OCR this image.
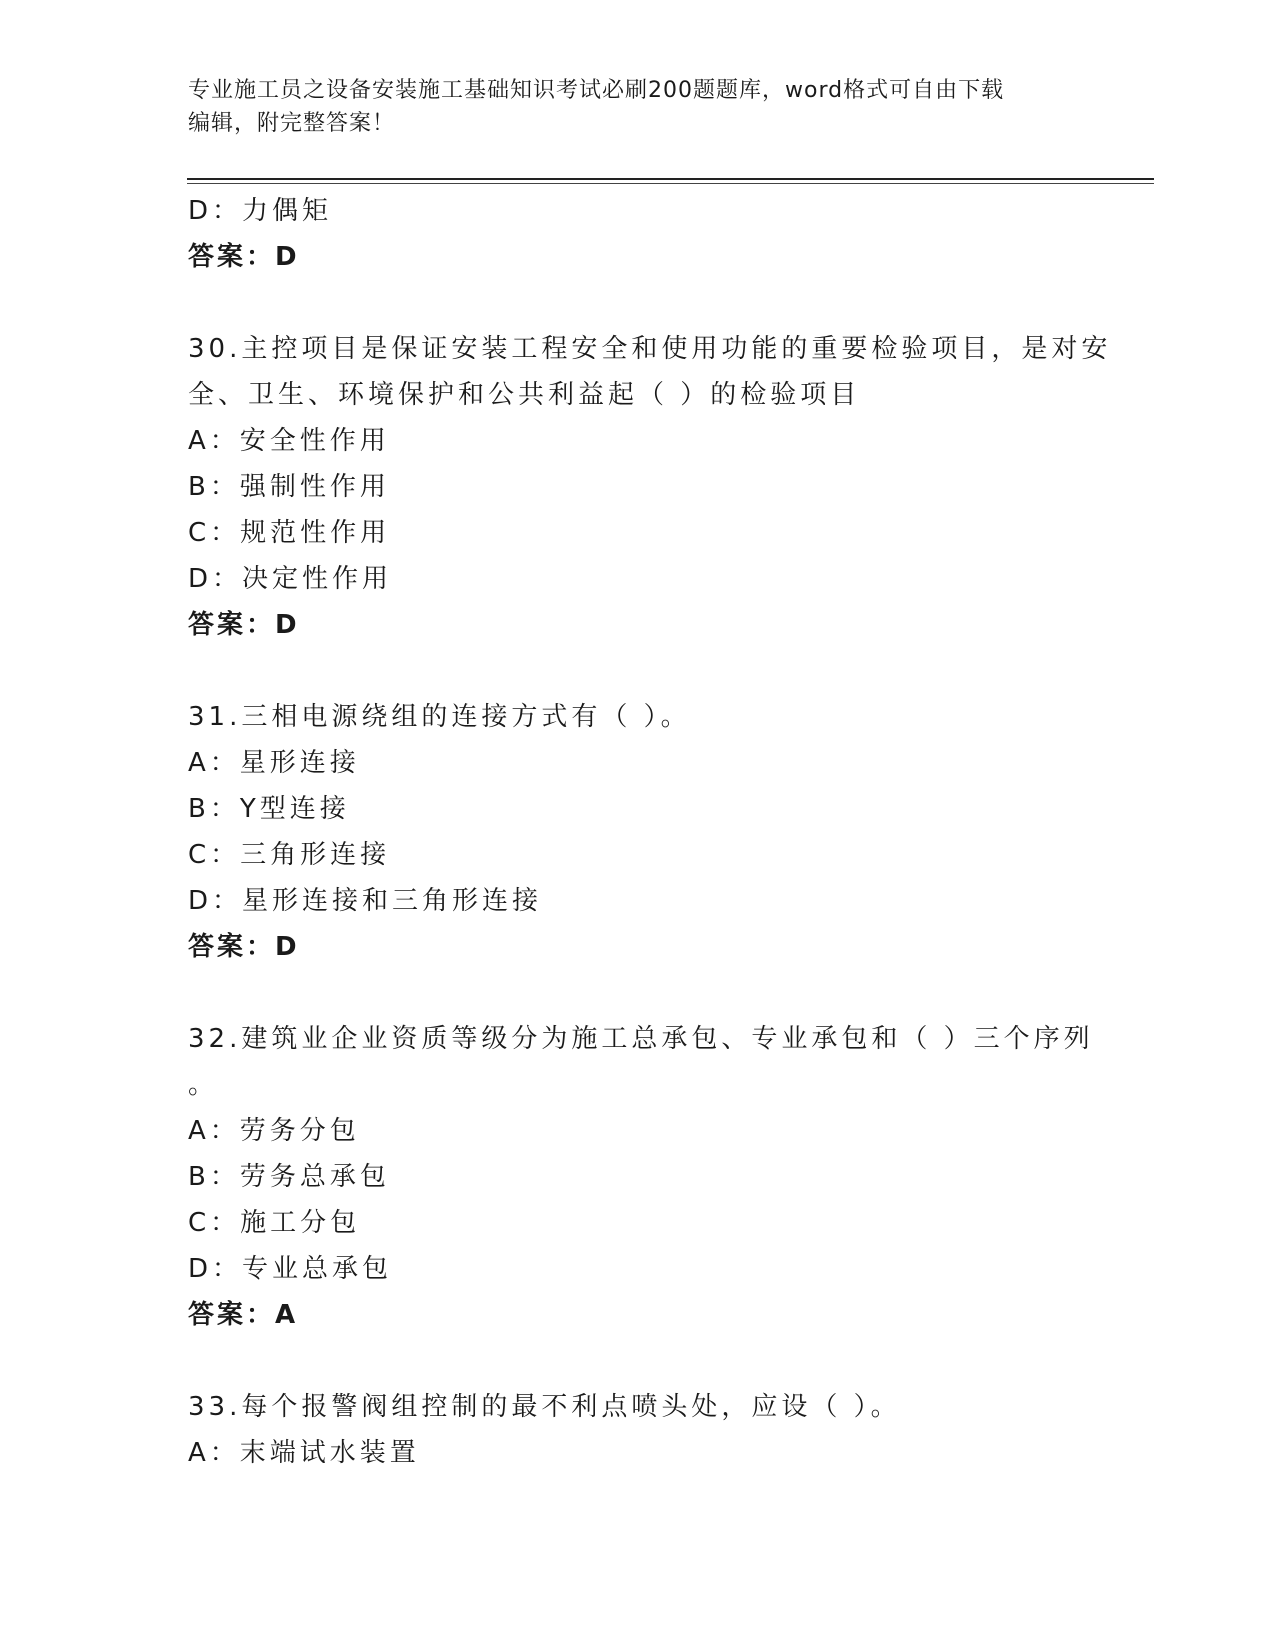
专业施工员之设备安装施工基础知识考试必刷200题题库，word格式可自由下载
编辑，附完整答案！
D：力偶矩
答案：D
30.主控项目是保证安装工程安全和使用功能的重要检验项目，是对安
全、卫生、环境保护和公共利益起（ ）的检验项目
A：安全性作用
B：强制性作用
C：规范性作用
D：决定性作用
答案：D
31.三相电源绕组的连接方式有（ ）。
A：星形连接
B：Y型连接
C：三角形连接
D：星形连接和三角形连接
答案：D
32.建筑业企业资质等级分为施工总承包、专业承包和（ ）三个序列
。
A：劳务分包
B：劳务总承包
C：施工分包
D：专业总承包
答案：A
33.每个报警阀组控制的最不利点喷头处，应设（ ）。
A：末端试水装置
